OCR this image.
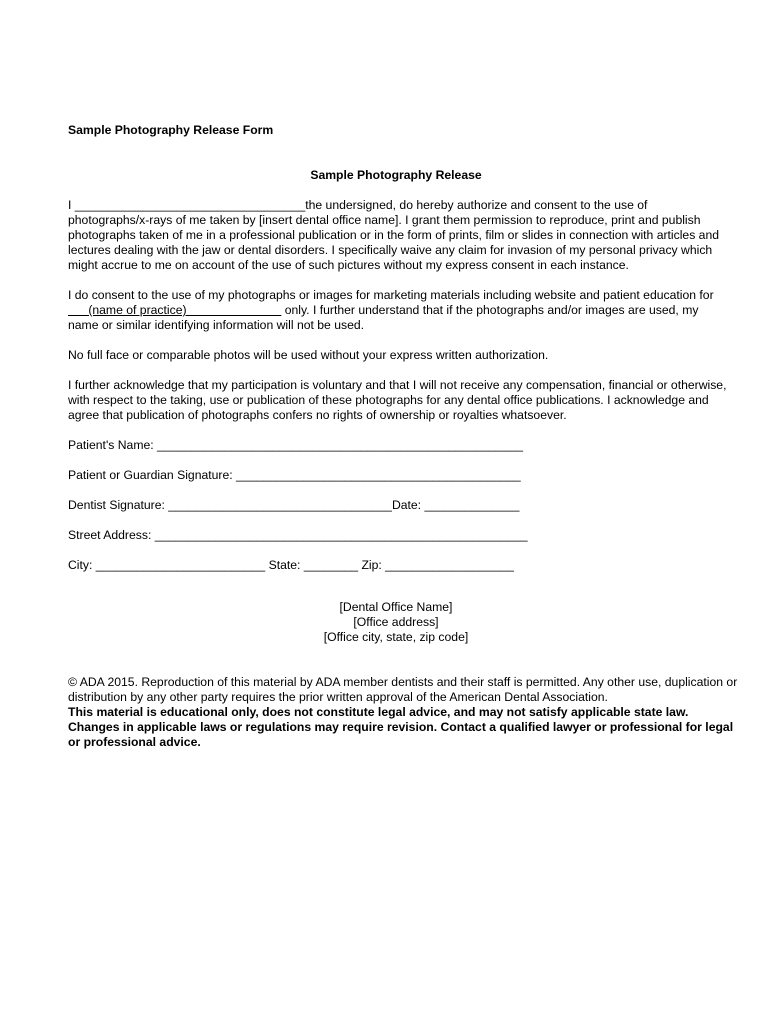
Sample Photography Release Form
Sample Photography Release

I __________________________________the undersigned, do hereby authorize and consent to the use of photographs/x-rays of me taken by [insert dental office name]. I grant them permission to reproduce, print and publish photographs taken of me in a professional publication or in the form of prints, film or slides in connection with articles and lectures dealing with the jaw or dental disorders. I specifically waive any claim for invasion of my personal privacy which might accrue to me on account of the use of such pictures without my express consent in each instance.

I do consent to the use of my photographs or images for marketing materials including website and patient education for       (name of practice)                             only. I further understand that if the photographs and/or images are used, my name or similar identifying information will not be used.

No full face or comparable photos will be used without your express written authorization.

I further acknowledge that my participation is voluntary and that I will not receive any compensation, financial or otherwise, with respect to the taking, use or publication of these photographs for any dental office publications. I acknowledge and agree that publication of photographs confers no rights of ownership or royalties whatsoever.

Patient's Name: ______________________________________________________

Patient or Guardian Signature: __________________________________________

Dentist Signature: _________________________________Date: ______________

Street Address: _______________________________________________________

City: _________________________ State: ________ Zip: ___________________

[Dental Office Name]
[Office address]
[Office city, state, zip code]

© ADA 2015. Reproduction of this material by ADA member dentists and their staff is permitted. Any other use, duplication or distribution by any other party requires the prior written approval of the American Dental Association.

This material is educational only, does not constitute legal advice, and may not satisfy applicable state law. Changes in applicable laws or regulations may require revision. Contact a qualified lawyer or professional for legal or professional advice.
